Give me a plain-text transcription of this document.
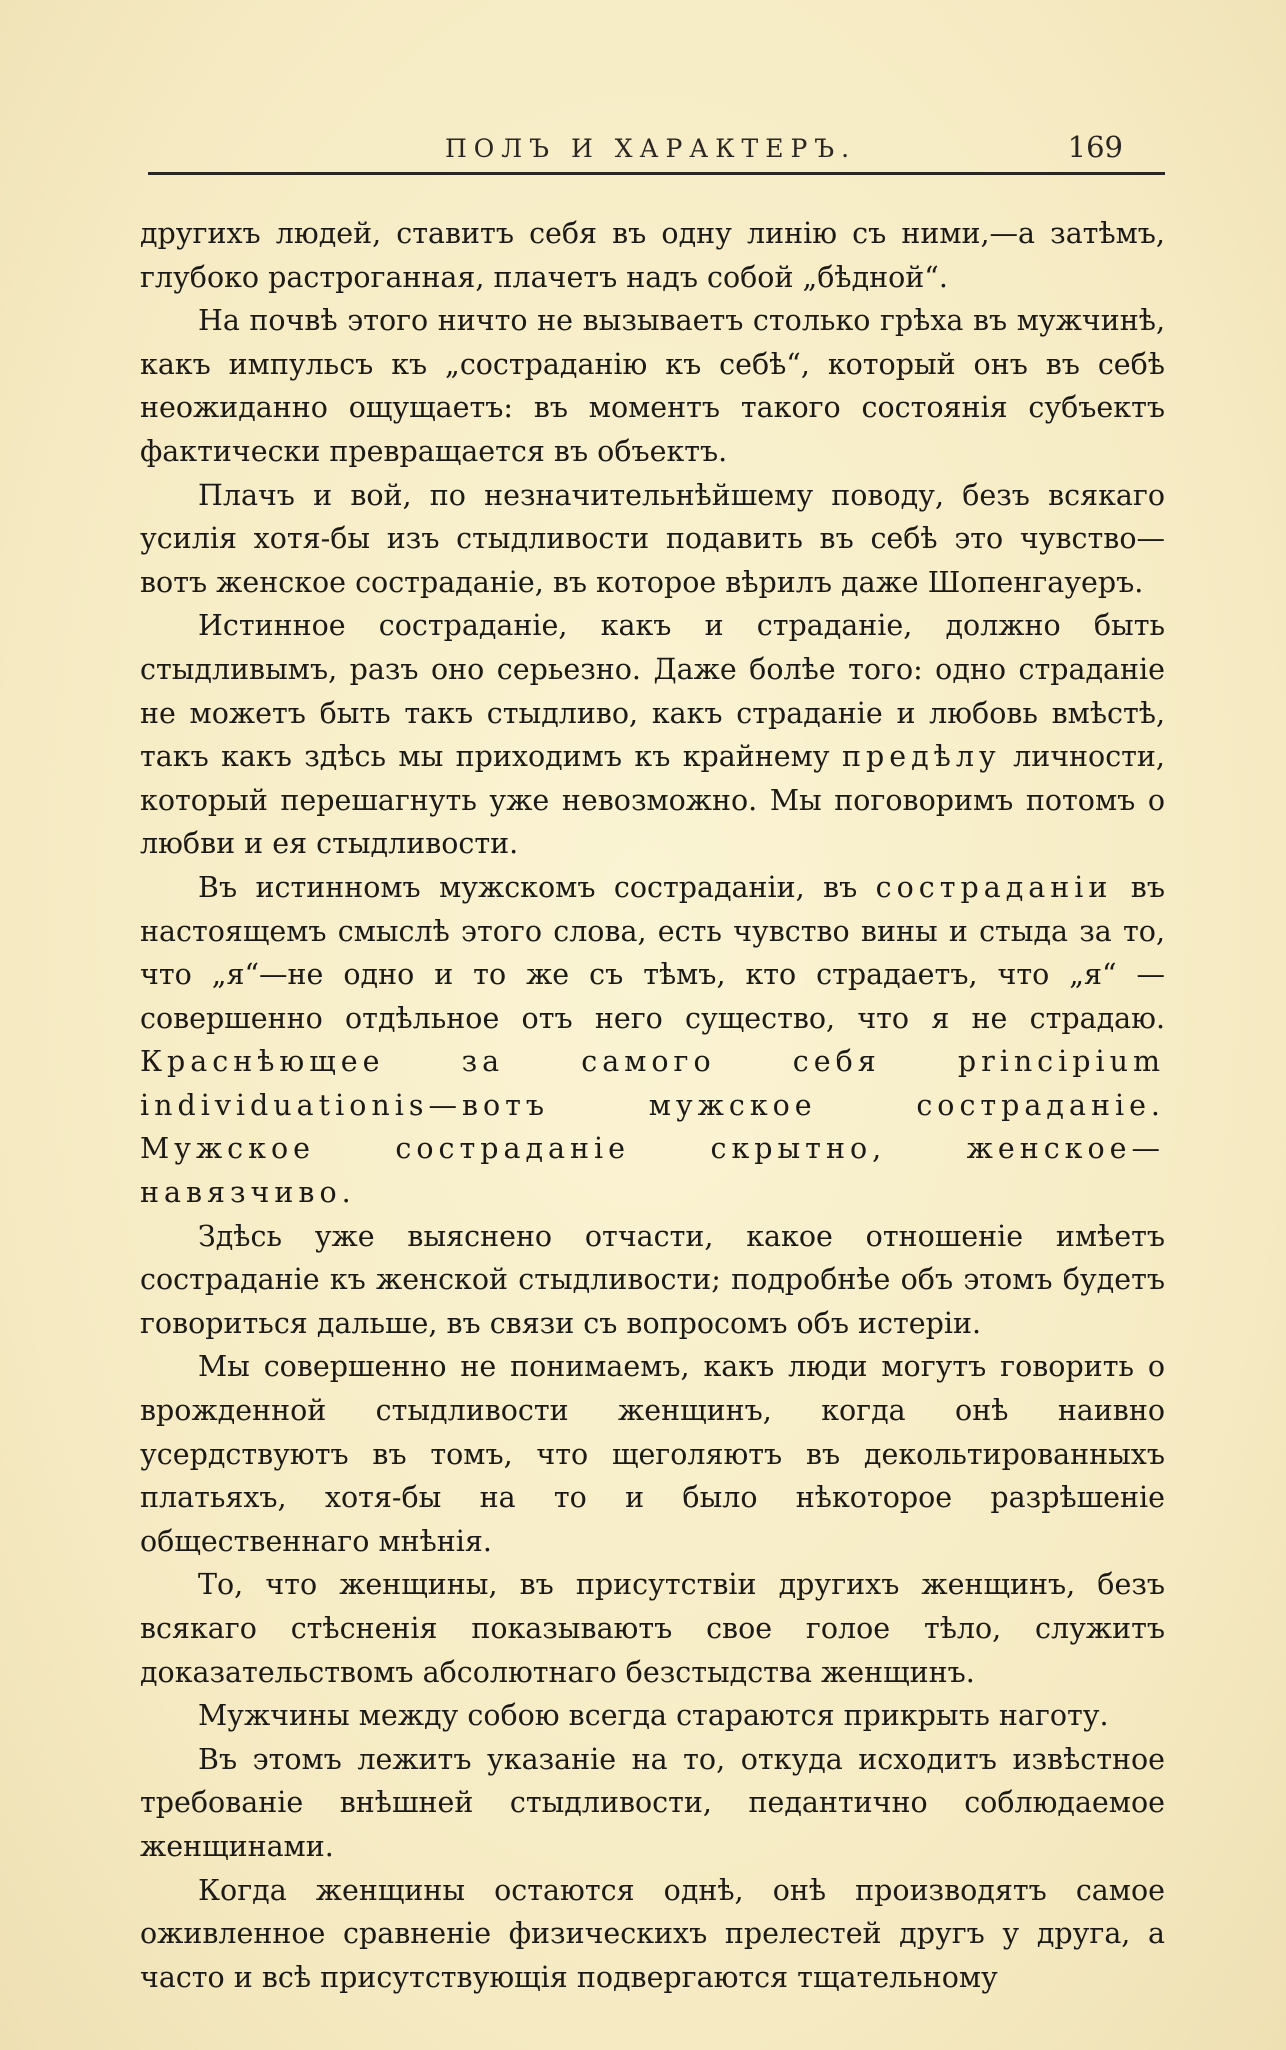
ПОЛЪ И ХАРАКТЕРЪ.	169

другихъ людей, ставитъ себя въ одну линію съ ними,—а затѣмъ, глубоко растроганная, плачетъ надъ собой „бѣдной“.

На почвѣ этого ничто не вызываетъ столько грѣха въ мужчинѣ, какъ импульсъ къ „состраданію къ себѣ“, который онъ въ себѣ неожиданно ощущаетъ: въ моментъ такого состоянія субъектъ фактически превращается въ объектъ.

Плачъ и вой, по незначительнѣйшему поводу, безъ всякаго усилія хотя-бы изъ стыдливости подавить въ себѣ это чувство—вотъ женское состраданіе, въ которое вѣрилъ даже Шопенгауеръ.

Истинное состраданіе, какъ и страданіе, должно быть стыдливымъ, разъ оно серьезно. Даже болѣе того: одно страданіе не можетъ быть такъ стыдливо, какъ страданіе и любовь вмѣстѣ, такъ какъ здѣсь мы приходимъ къ крайнему предѣлу личности, который перешагнуть уже невозможно. Мы поговоримъ потомъ о любви и ея стыдливости.

Въ истинномъ мужскомъ состраданіи, въ состраданіи въ настоящемъ смыслѣ этого слова, есть чувство вины и стыда за то, что „я“—не одно и то же съ тѣмъ, кто страдаетъ, что „я“ — совершенно отдѣльное отъ него существо, что я не страдаю. Краснѣющее за самого себя principium individuationis—вотъ мужское состраданіе. Мужское состраданіе скрытно, женское—навязчиво.

Здѣсь уже выяснено отчасти, какое отношеніе имѣетъ состраданіе къ женской стыдливости; подробнѣе объ этомъ будетъ говориться дальше, въ связи съ вопросомъ объ истеріи.

Мы совершенно не понимаемъ, какъ люди могутъ говорить о врожденной стыдливости женщинъ, когда онѣ наивно усердствуютъ въ томъ, что щеголяютъ въ декольтированныхъ платьяхъ, хотя-бы на то и было нѣкоторое разрѣшеніе общественнаго мнѣнія.

То, что женщины, въ присутствіи другихъ женщинъ, безъ всякаго стѣсненія показываютъ свое голое тѣло, служитъ доказательствомъ абсолютнаго безстыдства женщинъ.

Мужчины между собою всегда стараются прикрыть наготу.

Въ этомъ лежитъ указаніе на то, откуда исходитъ извѣстное требованіе внѣшней стыдливости, педантично соблюдаемое женщинами.

Когда женщины остаются однѣ, онѣ производятъ самое оживленное сравненіе физическихъ прелестей другъ у друга, а часто и всѣ присутствующія подвергаются тщательному
